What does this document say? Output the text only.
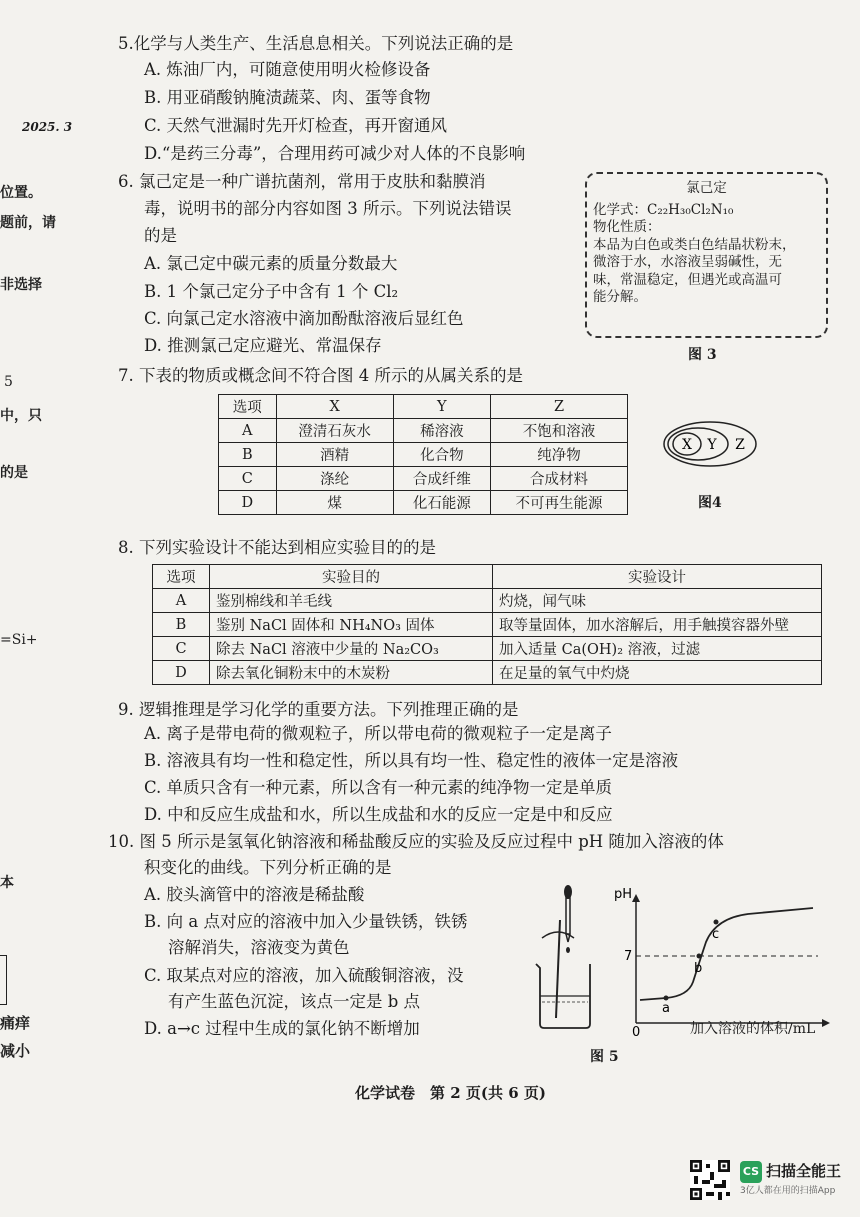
2025. 3
位置。
题前，请
非选择
5
中，只
的是
=Si+
本
痛痒
减小
5.化学与人类生产、生活息息相关。下列说法正确的是
A. 炼油厂内，可随意使用明火检修设备
B. 用亚硝酸钠腌渍蔬菜、肉、蛋等食物
C. 天然气泄漏时先开灯检查，再开窗通风
D.“是药三分毒”，合理用药可减少对人体的不良影响
6. 氯己定是一种广谱抗菌剂，常用于皮肤和黏膜消
毒，说明书的部分内容如图 3 所示。下列说法错误
的是
A. 氯己定中碳元素的质量分数最大
B. 1 个氯己定分子中含有 1 个 Cl₂
C. 向氯己定水溶液中滴加酚酞溶液后显红色
D. 推测氯己定应避光、常温保存
氯己定
化学式：C₂₂H₃₀Cl₂N₁₀
物化性质：
本品为白色或类白色结晶状粉末，
微溶于水，水溶液呈弱碱性，无
味，常温稳定，但遇光或高温可
能分解。
图 3
7. 下表的物质或概念间不符合图 4 所示的从属关系的是
选项	X	Y	Z
A	澄清石灰水	稀溶液	不饱和溶液
B	酒精	化合物	纯净物
C	涤纶	合成纤维	合成材料
D	煤	化石能源	不可再生能源
X Y Z
图4
8. 下列实验设计不能达到相应实验目的的是
选项	实验目的	实验设计
A	鉴别棉线和羊毛线	灼烧，闻气味
B	鉴别 NaCl 固体和 NH₄NO₃ 固体	取等量固体，加水溶解后，用手触摸容器外壁
C	除去 NaCl 溶液中少量的 Na₂CO₃	加入适量 Ca(OH)₂ 溶液，过滤
D	除去氧化铜粉末中的木炭粉	在足量的氧气中灼烧
9. 逻辑推理是学习化学的重要方法。下列推理正确的是
A. 离子是带电荷的微观粒子，所以带电荷的微观粒子一定是离子
B. 溶液具有均一性和稳定性，所以具有均一性、稳定性的液体一定是溶液
C. 单质只含有一种元素，所以含有一种元素的纯净物一定是单质
D. 中和反应生成盐和水，所以生成盐和水的反应一定是中和反应
10. 图 5 所示是氢氧化钠溶液和稀盐酸反应的实验及反应过程中 pH 随加入溶液的体
积变化的曲线。下列分析正确的是
A. 胶头滴管中的溶液是稀盐酸
B. 向 a 点对应的溶液中加入少量铁锈，铁锈
溶解消失，溶液变为黄色
C. 取某点对应的溶液，加入硫酸铜溶液，没
有产生蓝色沉淀，该点一定是 b 点
D. a→c 过程中生成的氯化钠不断增加
pH
7
0
a
b
c
加入溶液的体积/mL
图 5
化学试卷　第 2 页(共 6 页)
CS 扫描全能王
3亿人都在用的扫描App
